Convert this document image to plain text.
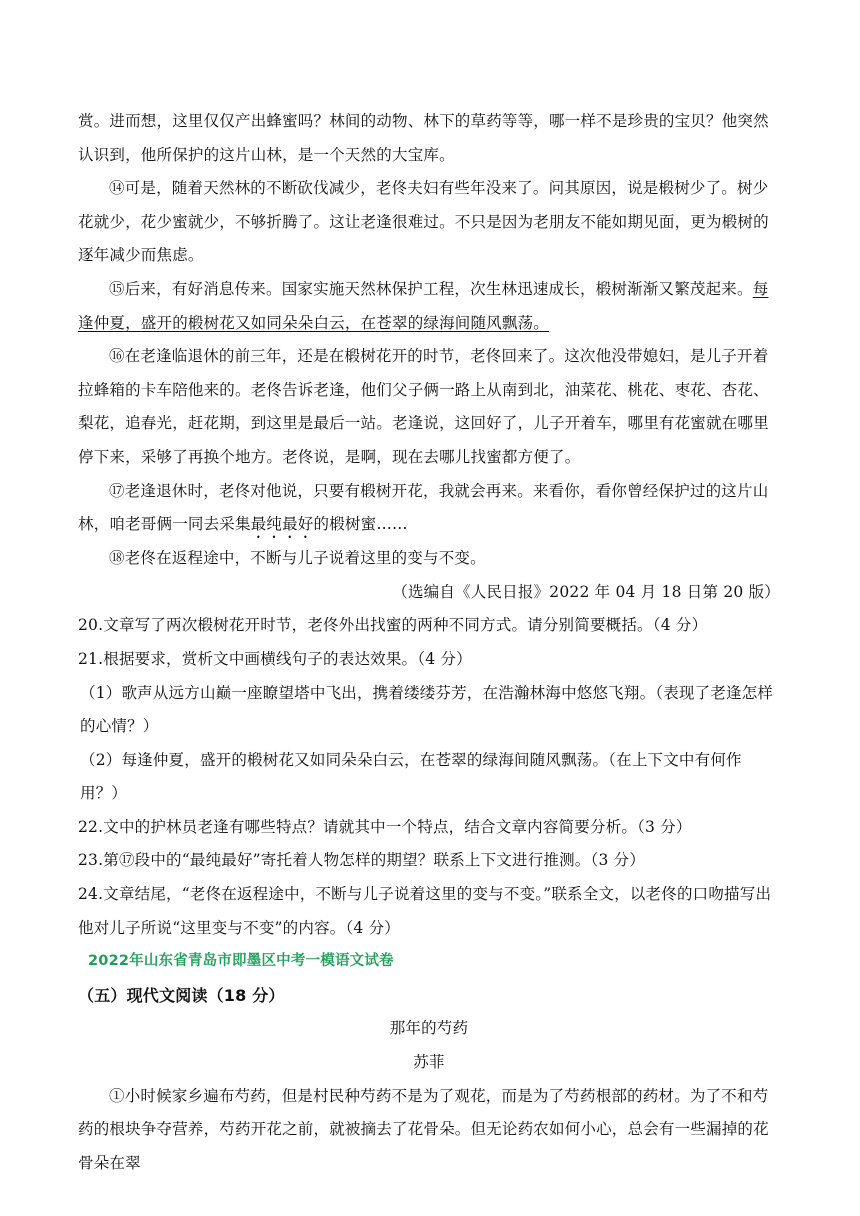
赏。进而想，这里仅仅产出蜂蜜吗？林间的动物、林下的草药等等，哪一样不是珍贵的宝贝？他突然认识到，他所保护的这片山林，是一个天然的大宝库。

⑭可是，随着天然林的不断砍伐减少，老佟夫妇有些年没来了。问其原因，说是椴树少了。树少花就少，花少蜜就少，不够折腾了。这让老逢很难过。不只是因为老朋友不能如期见面，更为椴树的逐年减少而焦虑。

⑮后来，有好消息传来。国家实施天然林保护工程，次生林迅速成长，椴树渐渐又繁茂起来。每逢仲夏，盛开的椴树花又如同朵朵白云，在苍翠的绿海间随风飘荡。

⑯在老逢临退休的前三年，还是在椴树花开的时节，老佟回来了。这次他没带媳妇，是儿子开着拉蜂箱的卡车陪他来的。老佟告诉老逢，他们父子俩一路上从南到北，油菜花、桃花、枣花、杏花、梨花，追春光，赶花期，到这里是最后一站。老逢说，这回好了，儿子开着车，哪里有花蜜就在哪里停下来，采够了再换个地方。老佟说，是啊，现在去哪儿找蜜都方便了。

⑰老逢退休时，老佟对他说，只要有椴树开花，我就会再来。来看你，看你曾经保护过的这片山林，咱老哥俩一同去采集最纯最好的椴树蜜……

⑱老佟在返程途中，不断与儿子说着这里的变与不变。

（选编自《人民日报》2022 年 04 月 18 日第 20 版）

20.文章写了两次椴树花开时节，老佟外出找蜜的两种不同方式。请分别简要概括。（4 分）

21.根据要求，赏析文中画横线句子的表达效果。（4 分）

（1）歌声从远方山巅一座瞭望塔中飞出，携着缕缕芬芳，在浩瀚林海中悠悠飞翔。（表现了老逢怎样的心情？）

（2）每逢仲夏，盛开的椴树花又如同朵朵白云，在苍翠的绿海间随风飘荡。（在上下文中有何作用？）

22.文中的护林员老逢有哪些特点？请就其中一个特点，结合文章内容简要分析。（3 分）

23.第⑰段中的“最纯最好”寄托着人物怎样的期望？联系上下文进行推测。（3 分）

24.文章结尾，“老佟在返程途中，不断与儿子说着这里的变与不变。”联系全文，以老佟的口吻描写出他对儿子所说“这里变与不变”的内容。（4 分）

2022年山东省青岛市即墨区中考一模语文试卷

（五）现代文阅读（18 分）

那年的芍药

苏菲

①小时候家乡遍布芍药，但是村民种芍药不是为了观花，而是为了芍药根部的药材。为了不和芍药的根块争夺营养，芍药开花之前，就被摘去了花骨朵。但无论药农如何小心，总会有一些漏掉的花骨朵在翠
